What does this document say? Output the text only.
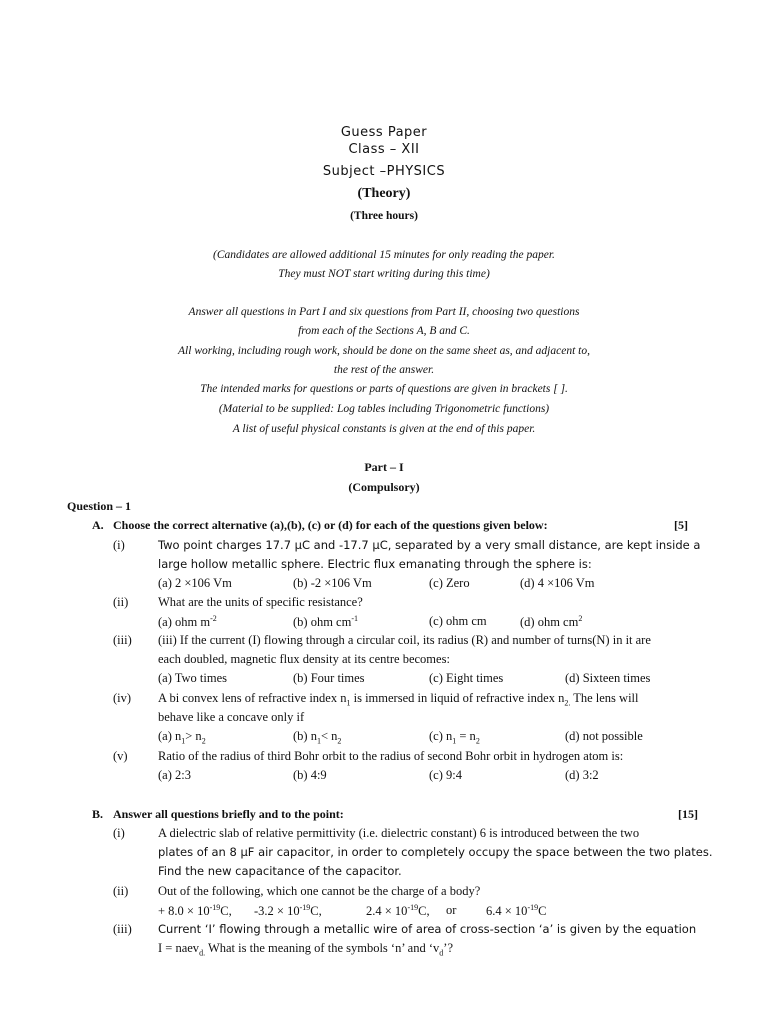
Guess Paper
Class – XII
Subject –PHYSICS
(Theory)
(Three hours)
(Candidates are allowed additional 15 minutes for only reading the paper.
They must NOT start writing during this time)
Answer all questions in Part I and six questions from Part II, choosing two questions
from each of the Sections A, B and C.
All working, including rough work, should be done on the same sheet as, and adjacent to,
the rest of the answer.
The intended marks for questions or parts of questions are given in brackets [ ].
(Material to be supplied: Log tables including Trigonometric functions)
A list of useful physical constants is given at the end of this paper.
Part – I
(Compulsory)
Question – 1
A. Choose the correct alternative (a),(b), (c) or (d) for each of the questions given below:	[5]
(i)	Two point charges 17.7 μC and -17.7 μC, separated by a very small distance, are kept inside a
large hollow metallic sphere. Electric flux emanating through the sphere is:
(a) 2 ×106 Vm	(b) -2 ×106 Vm	(c) Zero	(d) 4 ×106 Vm
(ii) What are the units of specific resistance?
(a) ohm $m^{-2}$	(b) ohm $cm^{-1}$	(c) ohm cm	(d) ohm $cm^2$
(iii) (iii) If the current (I) flowing through a circular coil, its radius (R) and number of turns(N) in it are
each doubled, magnetic flux density at its centre becomes:
(a) Two times	(b) Four times	(c) Eight times	(d) Sixteen times
(iv) A bi convex lens of refractive index $n_1$ is immersed in liquid of refractive index $n_{2.}$ The lens will
behave like a concave only if
(a) $n_1> n_2$	(b) $n_1< n_2$	(c) $n_1 = n_2$	(d) not possible
(v) Ratio of the radius of third Bohr orbit to the radius of second Bohr orbit in hydrogen atom is:
(a) 2:3	(b) 4:9	(c) 9:4	(d) 3:2
B. Answer all questions briefly and to the point:	[15]
(i)	A dielectric slab of relative permittivity (i.e. dielectric constant) 6 is introduced between the two
plates of an 8 μF air capacitor, in order to completely occupy the space between the two plates.
Find the new capacitance of the capacitor.
(ii) Out of the following, which one cannot be the charge of a body?
+ $8.0 \times 10^{-19}C$, $-3.2 \times 10^{-19}C$,	$2.4 \times 10^{-19}C$, or $6.4 \times 10^{-19}C$
(iii) Current ‘I’ flowing through a metallic wire of area of cross-section ‘a’ is given by the equation
I = naev$_{d.}$ What is the meaning of the symbols ‘n’ and ‘$v_d$’?
